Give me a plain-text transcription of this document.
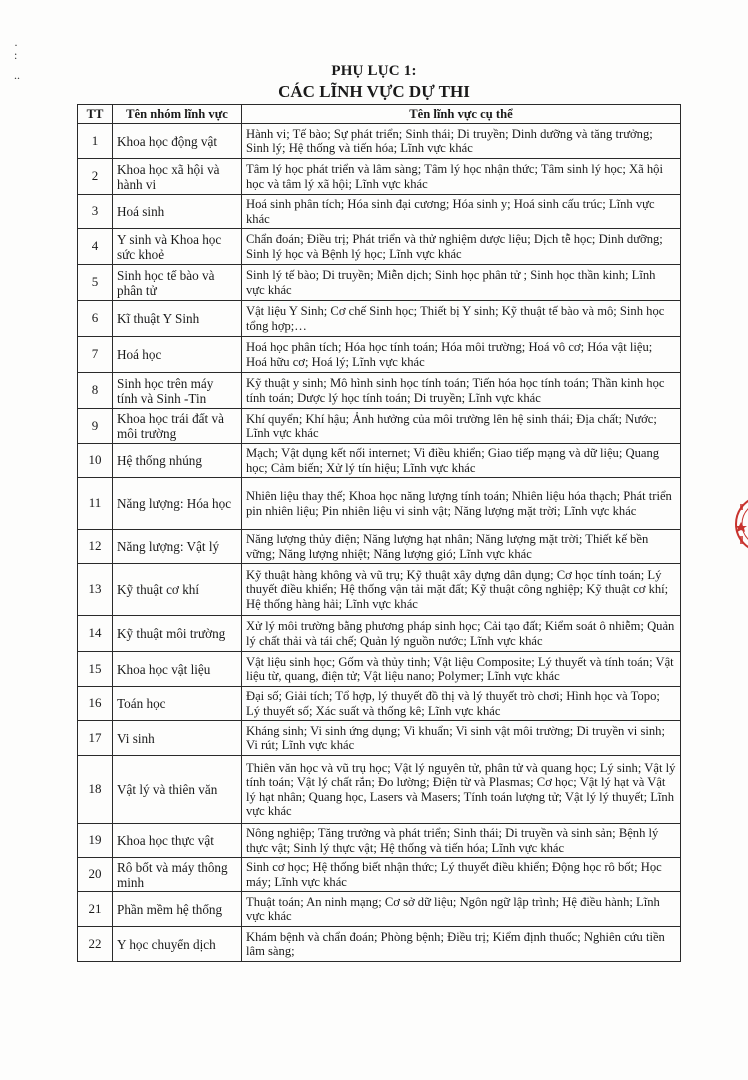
·
:

..	PHỤ LỤC 1:
CÁC LĨNH VỰC DỰ THI
TT	Tên nhóm lĩnh vực	Tên lĩnh vực cụ thể
1	Khoa học động vật	Hành vi; Tế bào; Sự phát triển; Sinh thái; Di truyền; Dinh dưỡng và tăng trưởng; Sinh lý; Hệ thống và tiến hóa; Lĩnh vực khác
2	Khoa học xã hội và hành vi	Tâm lý học phát triển và lâm sàng; Tâm lý học nhận thức; Tâm sinh lý học; Xã hội học và tâm lý xã hội; Lĩnh vực khác
3	Hoá sinh	Hoá sinh phân tích; Hóa sinh đại cương; Hóa sinh y; Hoá sinh cấu trúc; Lĩnh vực khác
4	Y sinh và Khoa học sức khoẻ	Chẩn đoán; Điều trị; Phát triển và thử nghiệm dược liệu; Dịch tễ học; Dinh dưỡng; Sinh lý học và Bệnh lý học; Lĩnh vực khác
5	Sinh học tế bào và phân tử	Sinh lý tế bào; Di truyền; Miễn dịch; Sinh học phân tử ; Sinh học thần kinh; Lĩnh vực khác
6	Kĩ thuật Y Sinh	Vật liệu Y Sinh; Cơ chế Sinh học; Thiết bị Y sinh; Kỹ thuật tế bào và mô; Sinh học tổng hợp;…
7	Hoá học	Hoá học phân tích; Hóa học tính toán; Hóa môi trường; Hoá vô cơ; Hóa vật liệu; Hoá hữu cơ; Hoá lý; Lĩnh vực khác
8	Sinh học trên máy tính và Sinh -Tin	Kỹ thuật y sinh; Mô hình sinh học tính toán; Tiến hóa học tính toán; Thần kinh học tính toán; Dược lý học tính toán; Di truyền; Lĩnh vực khác
9	Khoa học trái đất và môi trường	Khí quyển; Khí hậu; Ảnh hưởng của môi trường lên hệ sinh thái; Địa chất; Nước; Lĩnh vực khác
10	Hệ thống nhúng	Mạch; Vật dụng kết nối internet; Vi điều khiển; Giao tiếp mạng và dữ liệu; Quang học; Cảm biến; Xử lý tín hiệu; Lĩnh vực khác
11	Năng lượng: Hóa học	Nhiên liệu thay thế; Khoa học năng lượng tính toán; Nhiên liệu hóa thạch; Phát triển pin nhiên liệu; Pin nhiên liệu vi sinh vật; Năng lượng mặt trời; Lĩnh vực khác
12	Năng lượng: Vật lý	Năng lượng thủy điện; Năng lượng hạt nhân; Năng lượng mặt trời; Thiết kế bền vững; Năng lượng nhiệt; Năng lượng gió; Lĩnh vực khác
13	Kỹ thuật cơ khí	Kỹ thuật hàng không và vũ trụ; Kỹ thuật xây dựng dân dụng; Cơ học tính toán; Lý thuyết điều khiển; Hệ thống vận tải mặt đất; Kỹ thuật công nghiệp; Kỹ thuật cơ khí; Hệ thống hàng hải; Lĩnh vực khác
14	Kỹ thuật môi trường	Xử lý môi trường bằng phương pháp sinh học; Cải tạo đất; Kiểm soát ô nhiễm; Quản lý chất thải và tái chế; Quản lý nguồn nước; Lĩnh vực khác
15	Khoa học vật liệu	Vật liệu sinh học; Gốm và thủy tinh; Vật liệu Composite; Lý thuyết và tính toán; Vật liệu từ, quang, điện tử; Vật liệu nano; Polymer; Lĩnh vực khác
16	Toán học	Đại số; Giải tích; Tổ hợp, lý thuyết đồ thị và lý thuyết trò chơi; Hình học và Topo; Lý thuyết số; Xác suất và thống kê; Lĩnh vực khác
17	Vi sinh	Kháng sinh; Vi sinh ứng dụng; Vi khuẩn; Vi sinh vật môi trường; Di truyền vi sinh; Vi rút; Lĩnh vực khác
18	Vật lý và thiên văn	Thiên văn học và vũ trụ học; Vật lý nguyên tử, phân tử và quang học; Lý sinh; Vật lý tính toán; Vật lý chất rắn; Đo lường; Điện từ và Plasmas; Cơ học; Vật lý hạt và Vật lý hạt nhân; Quang học, Lasers và Masers; Tính toán lượng tử; Vật lý lý thuyết; Lĩnh vực khác
19	Khoa học thực vật	Nông nghiệp; Tăng trưởng và phát triển; Sinh thái; Di truyền và sinh sản; Bệnh lý thực vật; Sinh lý thực vật; Hệ thống và tiến hóa; Lĩnh vực khác
20	Rô bốt và máy thông minh	Sinh cơ học; Hệ thống biết nhận thức; Lý thuyết điều khiển; Động học rô bốt; Học máy; Lĩnh vực khác
21	Phần mềm hệ thống	Thuật toán; An ninh mạng; Cơ sở dữ liệu; Ngôn ngữ lập trình; Hệ điều hành; Lĩnh vực khác
22	Y học chuyển dịch	Khám bệnh và chẩn đoán; Phòng bệnh; Điều trị; Kiểm định thuốc; Nghiên cứu tiền lâm sàng;
